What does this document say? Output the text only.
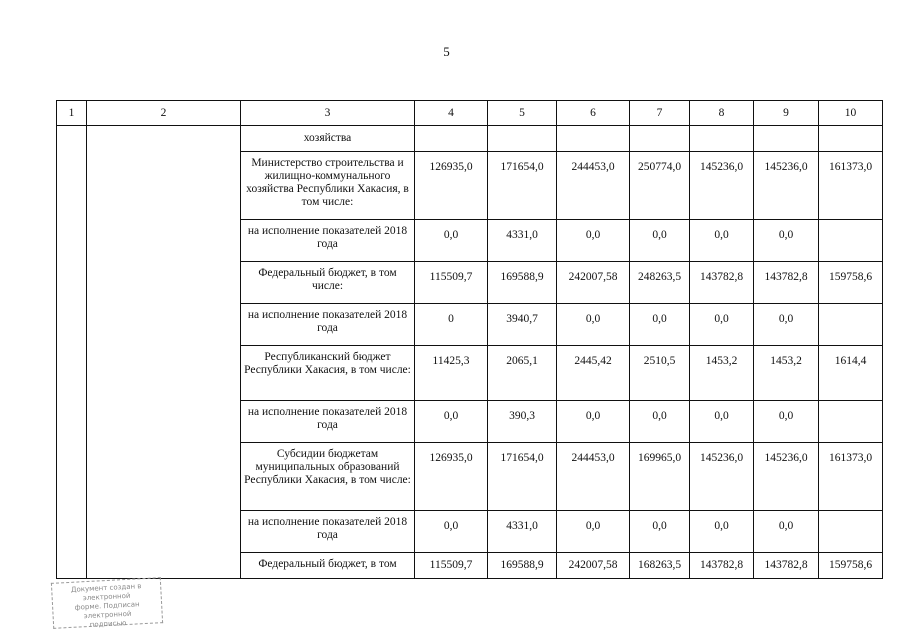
5
1	2	3	4	5	6	7	8	9	10
		хозяйства							
		Министерство строительства и жилищно-коммунального хозяйства Республики Хакасия, в том числе:	126935,0	171654,0	244453,0	250774,0	145236,0	145236,0	161373,0
		на исполнение показателей 2018 года	0,0	4331,0	0,0	0,0	0,0	0,0	
		Федеральный бюджет, в том числе:	115509,7	169588,9	242007,58	248263,5	143782,8	143782,8	159758,6
		на исполнение показателей 2018 года	0	3940,7	0,0	0,0	0,0	0,0	
		Республиканский бюджет Республики Хакасия, в том числе:	11425,3	2065,1	2445,42	2510,5	1453,2	1453,2	1614,4
		на исполнение показателей 2018 года	0,0	390,3	0,0	0,0	0,0	0,0	
		Субсидии бюджетам муниципальных образований Республики Хакасия, в том числе:	126935,0	171654,0	244453,0	169965,0	145236,0	145236,0	161373,0
		на исполнение показателей 2018 года	0,0	4331,0	0,0	0,0	0,0	0,0	
		Федеральный бюджет, в том	115509,7	169588,9	242007,58	168263,5	143782,8	143782,8	159758,6
Документ создан в электронной
форме. Подписан электронной
подписью
